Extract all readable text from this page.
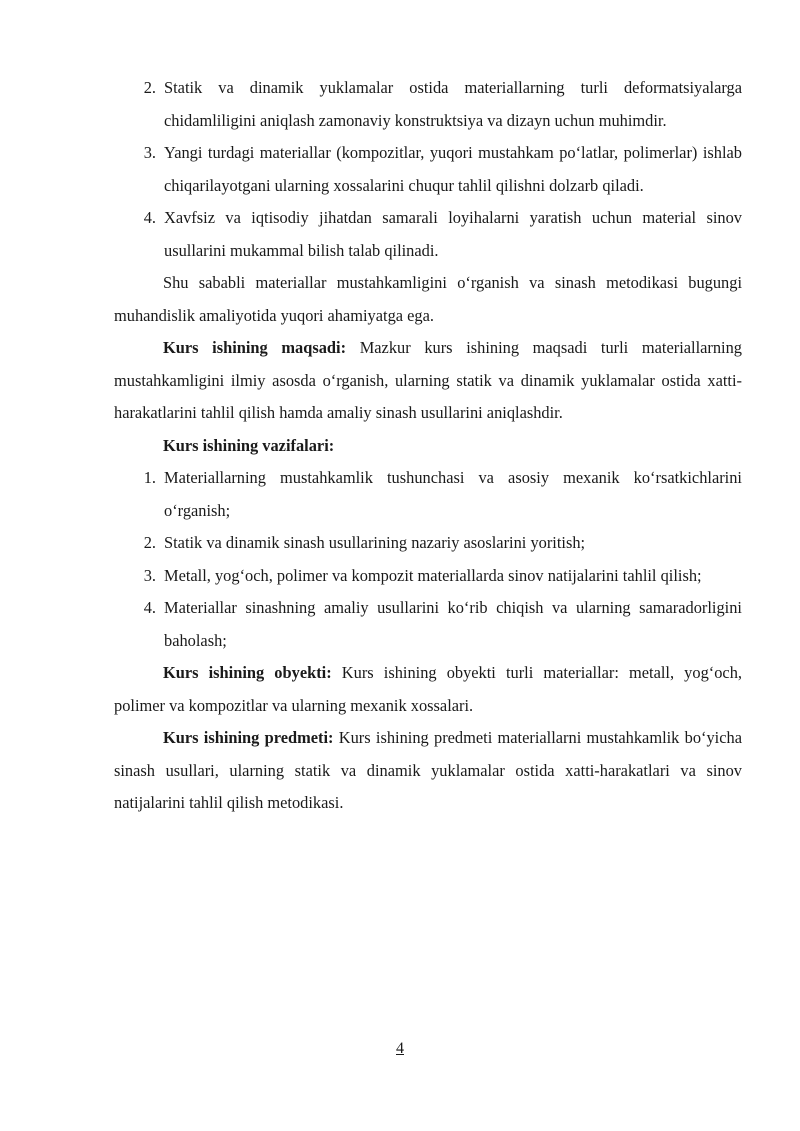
2. Statik va dinamik yuklamalar ostida materiallarning turli deformatsiyalarga chidamliligini aniqlash zamonaviy konstruktsiya va dizayn uchun muhimdir.
3. Yangi turdagi materiallar (kompozitlar, yuqori mustahkam po‘latlar, polimerlar) ishlab chiqarilayotgani ularning xossalarini chuqur tahlil qilishni dolzarb qiladi.
4. Xavfsiz va iqtisodiy jihatdan samarali loyihalarni yaratish uchun material sinov usullarini mukammal bilish talab qilinadi.
Shu sababli materiallar mustahkamligini o‘rganish va sinash metodikasi bugungi muhandislik amaliyotida yuqori ahamiyatga ega.
Kurs ishining maqsadi: Mazkur kurs ishining maqsadi turli materiallarning mustahkamligini ilmiy asosda o‘rganish, ularning statik va dinamik yuklamalar ostida xatti-harakatlarini tahlil qilish hamda amaliy sinash usullarini aniqlashdir.
Kurs ishining vazifalari:
1. Materiallarning mustahkamlik tushunchasi va asosiy mexanik ko‘rsatkichlarini o‘rganish;
2. Statik va dinamik sinash usullarining nazariy asoslarini yoritish;
3. Metall, yog‘och, polimer va kompozit materiallarda sinov natijalarini tahlil qilish;
4. Materiallar sinashning amaliy usullarini ko‘rib chiqish va ularning samaradorligini baholash;
Kurs ishining obyekti: Kurs ishining obyekti turli materiallar: metall, yog‘och, polimer va kompozitlar va ularning mexanik xossalari.
Kurs ishining predmeti: Kurs ishining predmeti materiallarni mustahkamlik bo‘yicha sinash usullari, ularning statik va dinamik yuklamalar ostida xatti-harakatlari va sinov natijalarini tahlil qilish metodikasi.
4
